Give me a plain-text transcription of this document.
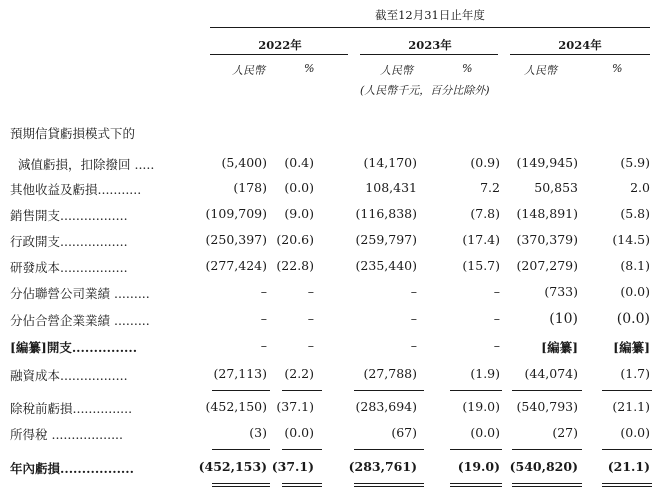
截至12月31日止年度
2022年	2023年	2024年
人民幣	%	人民幣	%	人民幣	%
(人民幣千元，百分比除外)
預期信貸虧損模式下的
減值虧損，扣除撥回 .....	(5,400) (0.4)	(14,170)	(0.9) (149,945)	(5.9)
其他收益及虧損...........	(178) (0.0)	108,431	7.2	50,853	2.0
銷售開支.................	(109,709) (9.0)	(116,838)	(7.8) (148,891)	(5.8)
行政開支.................	(250,397) (20.6)	(259,797)	(17.4) (370,379)	(14.5)
研發成本.................	(277,424) (22.8)	(235,440)	(15.7) (207,279)	(8.1)
分佔聯營公司業績 .........	–	–	–	–	(733)	(0.0)
分佔合營企業業績 .........	–	–	–	–	(10)	(0.0)
[編纂]開支...............	–	–	–	–	[編纂]	[編纂]
融資成本.................	(27,113) (2.2)	(27,788)	(1.9) (44,074)	(1.7)
除稅前虧損...............	(452,150) (37.1)	(283,694)	(19.0) (540,793)	(21.1)
所得稅 ..................	(3) (0.0)	(67)	(0.0)	(27)	(0.0)
年內虧損.................	(452,153) (37.1)	(283,761)	(19.0) (540,820) (21.1)
